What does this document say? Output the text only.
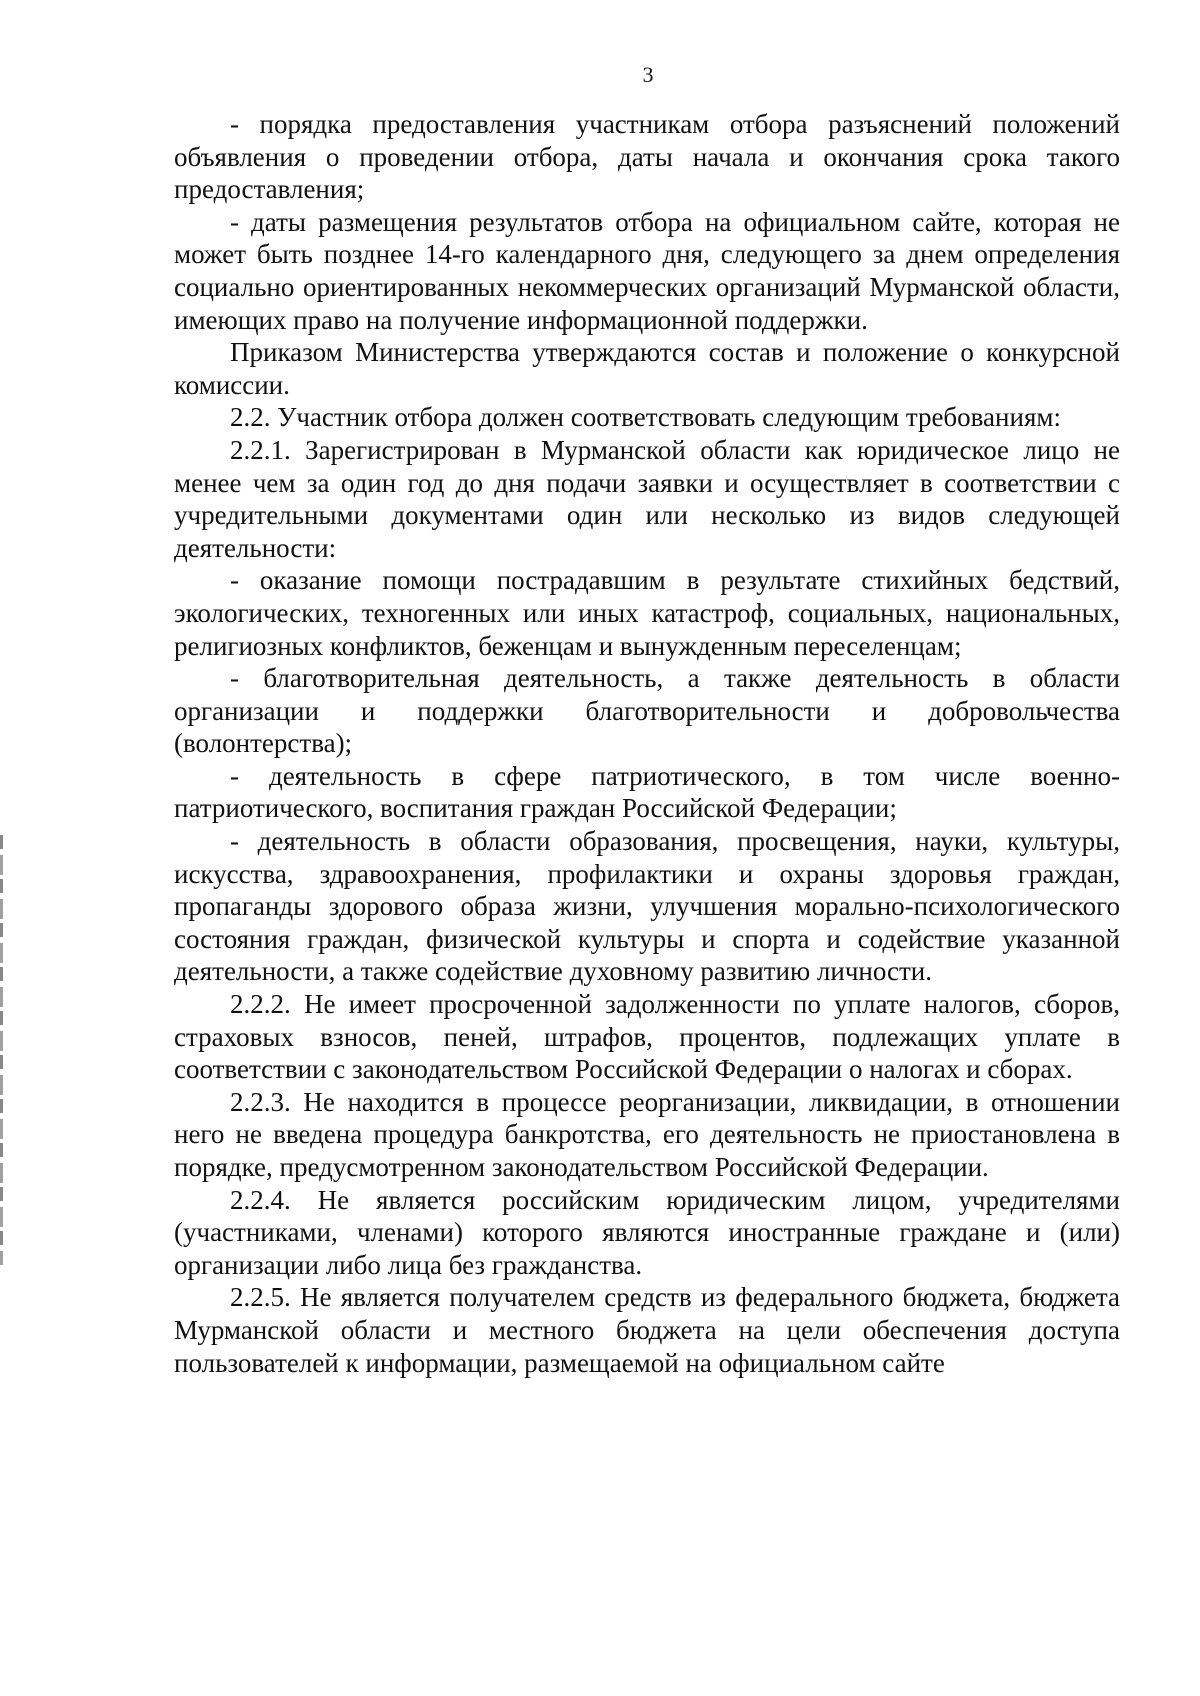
3

- порядка предоставления участникам отбора разъяснений положений объявления о проведении отбора, даты начала и окончания срока такого предоставления;

- даты размещения результатов отбора на официальном сайте, которая не может быть позднее 14-го календарного дня, следующего за днем определения социально ориентированных некоммерческих организаций Мурманской области, имеющих право на получение информационной поддержки.

Приказом Министерства утверждаются состав и положение о конкурсной комиссии.

2.2. Участник отбора должен соответствовать следующим требованиям:

2.2.1. Зарегистрирован в Мурманской области как юридическое лицо не менее чем за один год до дня подачи заявки и осуществляет в соответствии с учредительными документами один или несколько из видов следующей деятельности:

- оказание помощи пострадавшим в результате стихийных бедствий, экологических, техногенных или иных катастроф, социальных, национальных, религиозных конфликтов, беженцам и вынужденным переселенцам;

- благотворительная деятельность, а также деятельность в области организации и поддержки благотворительности и добровольчества (волонтерства);

- деятельность в сфере патриотического, в том числе военно-патриотического, воспитания граждан Российской Федерации;

- деятельность в области образования, просвещения, науки, культуры, искусства, здравоохранения, профилактики и охраны здоровья граждан, пропаганды здорового образа жизни, улучшения морально-психологического состояния граждан, физической культуры и спорта и содействие указанной деятельности, а также содействие духовному развитию личности.

2.2.2. Не имеет просроченной задолженности по уплате налогов, сборов, страховых взносов, пеней, штрафов, процентов, подлежащих уплате в соответствии с законодательством Российской Федерации о налогах и сборах.

2.2.3. Не находится в процессе реорганизации, ликвидации, в отношении него не введена процедура банкротства, его деятельность не приостановлена в порядке, предусмотренном законодательством Российской Федерации.

2.2.4. Не является российским юридическим лицом, учредителями (участниками, членами) которого являются иностранные граждане и (или) организации либо лица без гражданства.

2.2.5. Не является получателем средств из федерального бюджета, бюджета Мурманской области и местного бюджета на цели обеспечения доступа пользователей к информации, размещаемой на официальном сайте
